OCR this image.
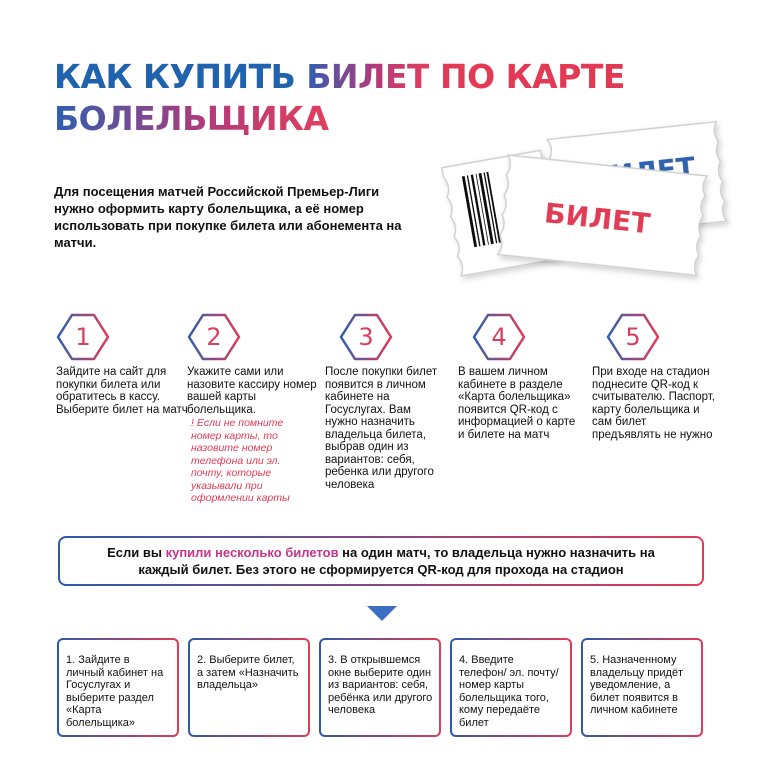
КАК КУПИТЬ БИЛЕТ ПО КАРТЕ
БОЛЕЛЬЩИКА

Для посещения матчей Российской Премьер-Лиги нужно оформить карту болельщика, а её номер использовать при покупке билета или абонемента на матчи.

БИЛЕТ
1
Зайдите на сайт для покупки билета или обратитесь в кассу. Выберите билет на матч
2
Укажите сами или назовите кассиру номер вашей карты болельщика.
! Если не помните номер карты, то назовите номер телефона или эл. почту, которые указывали при оформлении карты
3
После покупки билет появится в личном кабинете на Госуслугах. Вам нужно назначить владельца билета, выбрав один из вариантов: себя, ребенка или другого человека
4
В вашем личном кабинете в разделе «Карта болельщика» появится QR-код с информацией о карте и билете на матч
5
При входе на стадион поднесите QR-код к считывателю. Паспорт, карту болельщика и сам билет предъявлять не нужно
Если вы купили несколько билетов на один матч, то владельца нужно назначить на каждый билет. Без этого не сформируется QR-код для прохода на стадион
1. Зайдите в личный кабинет на Госуслугах и выберите раздел «Карта болельщика»
2. Выберите билет, а затем «Назначить владельца»
3. В открывшемся окне выберите один из вариантов: себя, ребёнка или другого человека
4. Введите телефон/ эл. почту/номер карты болельщика того, кому передаёте билет
5. Назначенному владельцу придёт уведомление, а билет появится в личном кабинете
